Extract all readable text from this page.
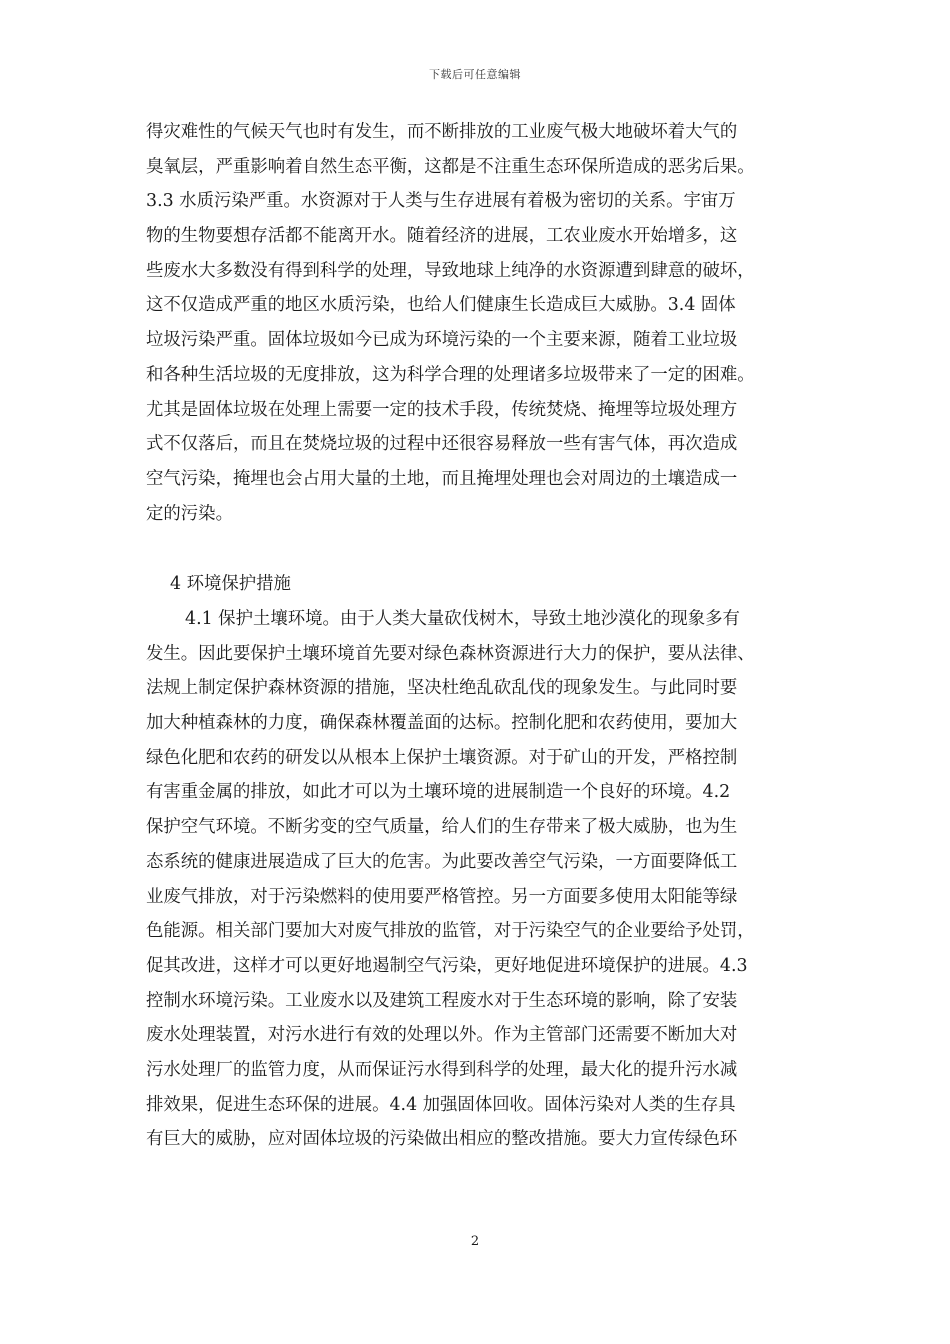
下载后可任意编辑
得灾难性的气候天气也时有发生，而不断排放的工业废气极大地破坏着大气的
臭氧层，严重影响着自然生态平衡，这都是不注重生态环保所造成的恶劣后果。
3.3 水质污染严重。水资源对于人类与生存进展有着极为密切的关系。宇宙万
物的生物要想存活都不能离开水。随着经济的进展，工农业废水开始增多，这
些废水大多数没有得到科学的处理，导致地球上纯净的水资源遭到肆意的破坏，
这不仅造成严重的地区水质污染，也给人们健康生长造成巨大威胁。3.4 固体
垃圾污染严重。固体垃圾如今已成为环境污染的一个主要来源，随着工业垃圾
和各种生活垃圾的无度排放，这为科学合理的处理诸多垃圾带来了一定的困难。
尤其是固体垃圾在处理上需要一定的技术手段，传统焚烧、掩埋等垃圾处理方
式不仅落后，而且在焚烧垃圾的过程中还很容易释放一些有害气体，再次造成
空气污染，掩埋也会占用大量的土地，而且掩埋处理也会对周边的土壤造成一
定的污染。
4 环境保护措施
4.1 保护土壤环境。由于人类大量砍伐树木，导致土地沙漠化的现象多有
发生。因此要保护土壤环境首先要对绿色森林资源进行大力的保护，要从法律、
法规上制定保护森林资源的措施，坚决杜绝乱砍乱伐的现象发生。与此同时要
加大种植森林的力度，确保森林覆盖面的达标。控制化肥和农药使用，要加大
绿色化肥和农药的研发以从根本上保护土壤资源。对于矿山的开发，严格控制
有害重金属的排放，如此才可以为土壤环境的进展制造一个良好的环境。4.2
保护空气环境。不断劣变的空气质量，给人们的生存带来了极大威胁，也为生
态系统的健康进展造成了巨大的危害。为此要改善空气污染，一方面要降低工
业废气排放，对于污染燃料的使用要严格管控。另一方面要多使用太阳能等绿
色能源。相关部门要加大对废气排放的监管，对于污染空气的企业要给予处罚，
促其改进，这样才可以更好地遏制空气污染，更好地促进环境保护的进展。4.3
控制水环境污染。工业废水以及建筑工程废水对于生态环境的影响，除了安装
废水处理装置，对污水进行有效的处理以外。作为主管部门还需要不断加大对
污水处理厂的监管力度，从而保证污水得到科学的处理，最大化的提升污水减
排效果，促进生态环保的进展。4.4 加强固体回收。固体污染对人类的生存具
有巨大的威胁，应对固体垃圾的污染做出相应的整改措施。要大力宣传绿色环
2
